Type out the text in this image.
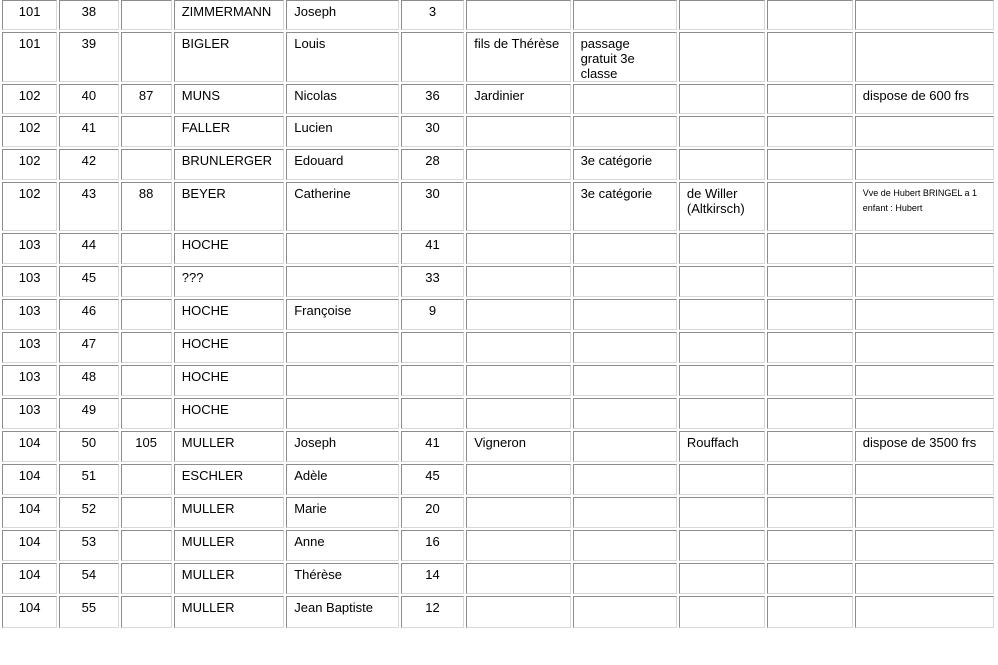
101	38		ZIMMERMANN	Joseph	3					
101	39		BIGLER	Louis		fils de Thérèse	passage gratuit 3e classe			
102	40	87	MUNS	Nicolas	36	Jardinier				dispose de 600 frs
102	41		FALLER	Lucien	30					
102	42		BRUNLERGER	Edouard	28		3e catégorie			
102	43	88	BEYER	Catherine	30		3e catégorie	de Willer (Altkirsch)		Vve de Hubert BRINGEL a 1 enfant : Hubert
103	44		HOCHE		41					
103	45		???		33					
103	46		HOCHE	Françoise	9					
103	47		HOCHE							
103	48		HOCHE							
103	49		HOCHE							
104	50	105	MULLER	Joseph	41	Vigneron		Rouffach		dispose de 3500 frs
104	51		ESCHLER	Adèle	45					
104	52		MULLER	Marie	20					
104	53		MULLER	Anne	16					
104	54		MULLER	Thérèse	14					
104	55		MULLER	Jean Baptiste	12					
